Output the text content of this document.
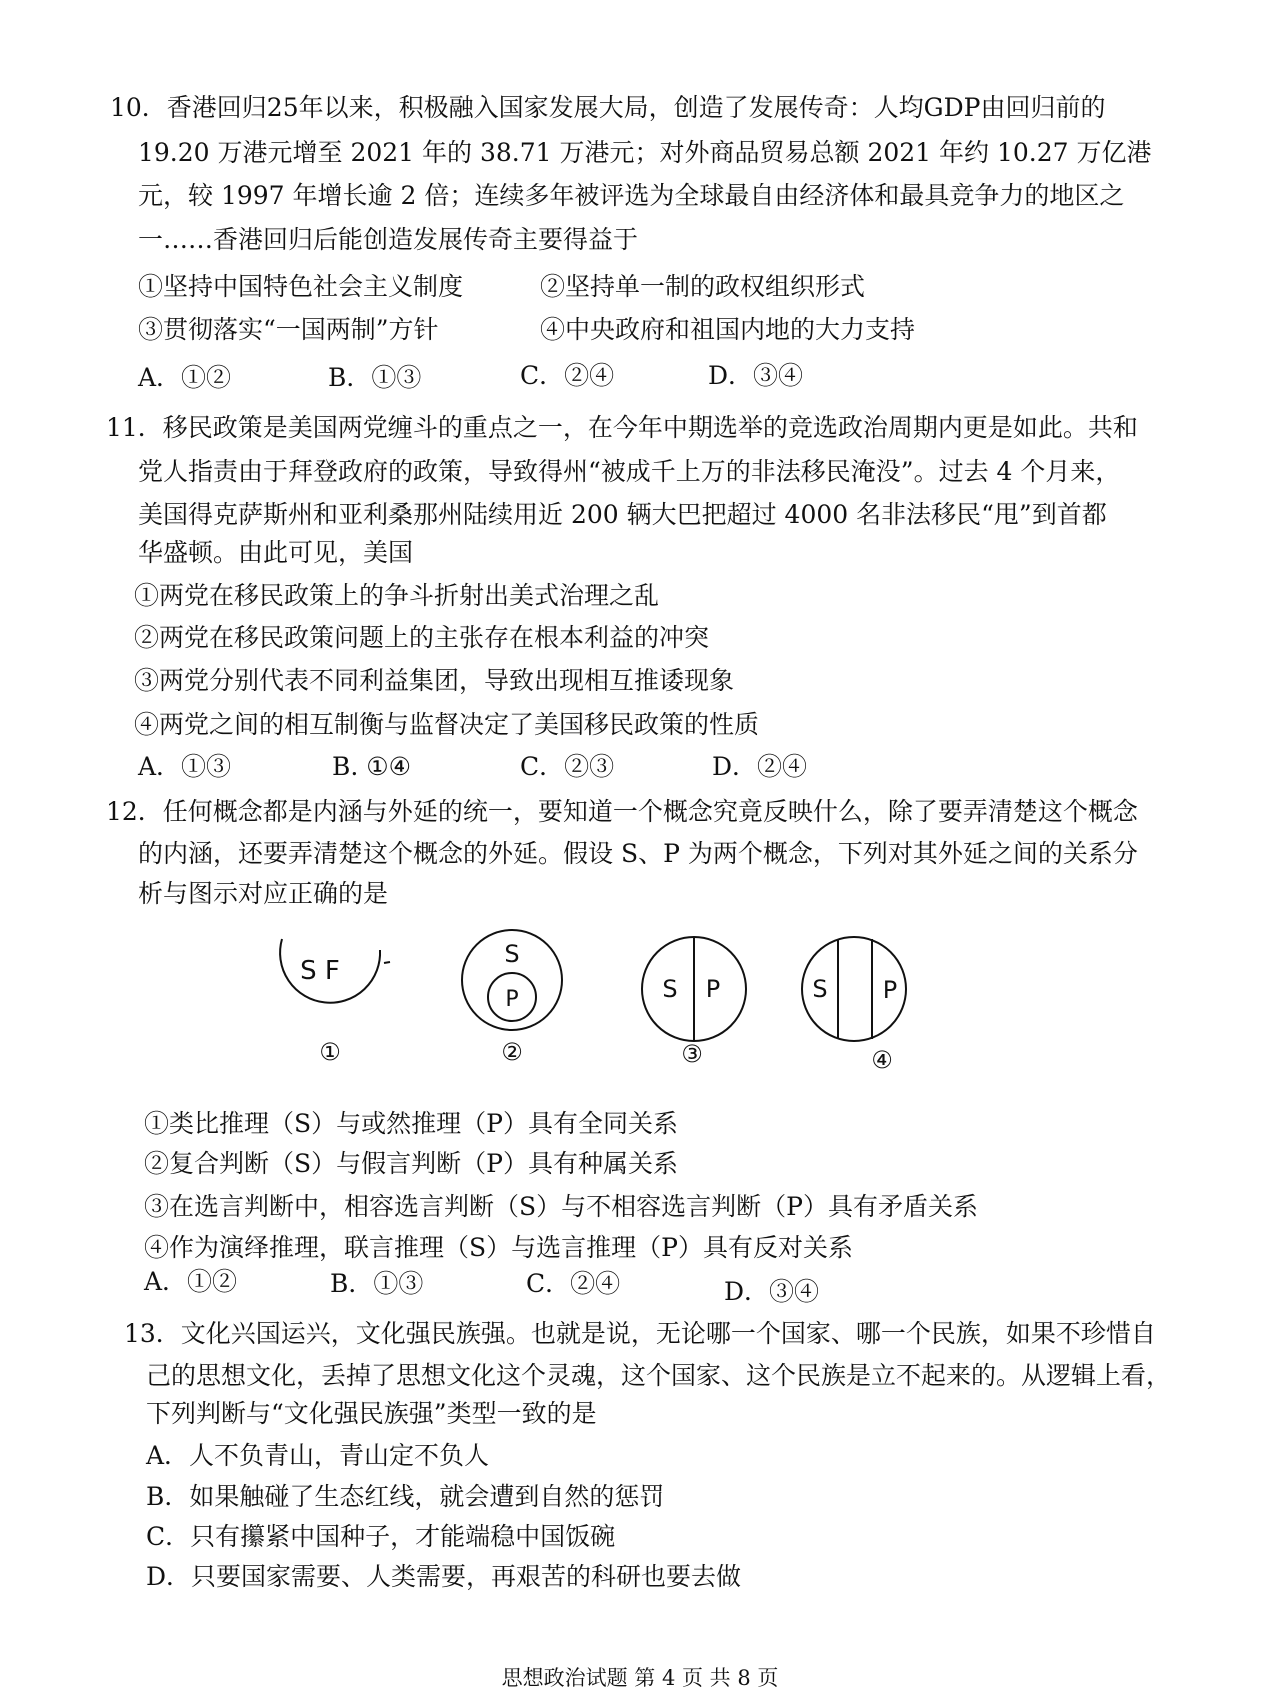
10．香港回归25年以来，积极融入国家发展大局，创造了发展传奇：人均GDP由回归前的
19.20 万港元增至 2021 年的 38.71 万港元；对外商品贸易总额 2021 年约 10.27 万亿港
元，较 1997 年增长逾 2 倍；连续多年被评选为全球最自由经济体和最具竞争力的地区之
一……香港回归后能创造发展传奇主要得益于
①坚持中国特色社会主义制度	②坚持单一制的政权组织形式
③贯彻落实“一国两制”方针	④中央政府和祖国内地的大力支持
A．①②	B．①③	C．②④	D．③④
11．移民政策是美国两党缠斗的重点之一，在今年中期选举的竞选政治周期内更是如此。共和
党人指责由于拜登政府的政策，导致得州“被成千上万的非法移民淹没”。过去 4 个月来，
美国得克萨斯州和亚利桑那州陆续用近 200 辆大巴把超过 4000 名非法移民“甩”到首都
华盛顿。由此可见，美国
①两党在移民政策上的争斗折射出美式治理之乱
②两党在移民政策问题上的主张存在根本利益的冲突
③两党分别代表不同利益集团，导致出现相互推诿现象
④两党之间的相互制衡与监督决定了美国移民政策的性质
A．①③	B. ①④	C．②③	D．②④
12．任何概念都是内涵与外延的统一，要知道一个概念究竟反映什么，除了要弄清楚这个概念
的内涵，还要弄清楚这个概念的外延。假设 S、P 为两个概念，下列对其外延之间的关系分
析与图示对应正确的是
S F
①
S
P
②
S P
③
S P
④
①类比推理（S）与或然推理（P）具有全同关系
②复合判断（S）与假言判断（P）具有种属关系
③在选言判断中，相容选言判断（S）与不相容选言判断（P）具有矛盾关系
④作为演绎推理，联言推理（S）与选言推理（P）具有反对关系
A．①②	B．①③	C．②④	D．③④
13．文化兴国运兴，文化强民族强。也就是说，无论哪一个国家、哪一个民族，如果不珍惜自
己的思想文化，丢掉了思想文化这个灵魂，这个国家、这个民族是立不起来的。从逻辑上看，
下列判断与“文化强民族强”类型一致的是
A．人不负青山，青山定不负人
B．如果触碰了生态红线，就会遭到自然的惩罚
C．只有攥紧中国种子，才能端稳中国饭碗
D．只要国家需要、人类需要，再艰苦的科研也要去做
思想政治试题 第 4 页 共 8 页
